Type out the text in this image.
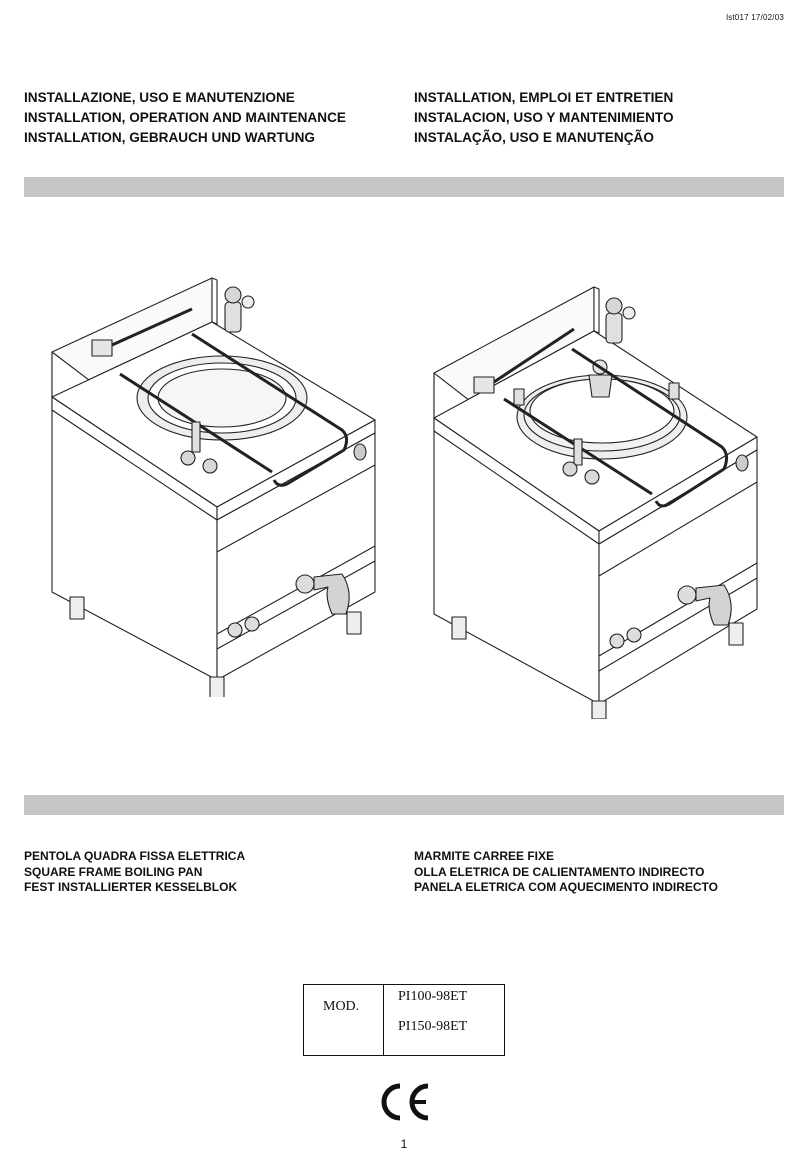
lst017 17/02/03
INSTALLAZIONE, USO E MANUTENZIONE
INSTALLATION, OPERATION AND MAINTENANCE
INSTALLATION, GEBRAUCH UND WARTUNG
INSTALLATION, EMPLOI ET ENTRETIEN
INSTALACION, USO Y MANTENIMIENTO
INSTALAÇÃO, USO E MANUTENÇÃO
PENTOLA QUADRA FISSA ELETTRICA
SQUARE FRAME BOILING PAN
FEST INSTALLIERTER KESSELBLOK
MARMITE CARREE FIXE
OLLA ELETRICA DE CALIENTAMENTO INDIRECTO
PANELA ELETRICA COM AQUECIMENTO INDIRECTO
MOD.
PI100-98ET
PI150-98ET
1
